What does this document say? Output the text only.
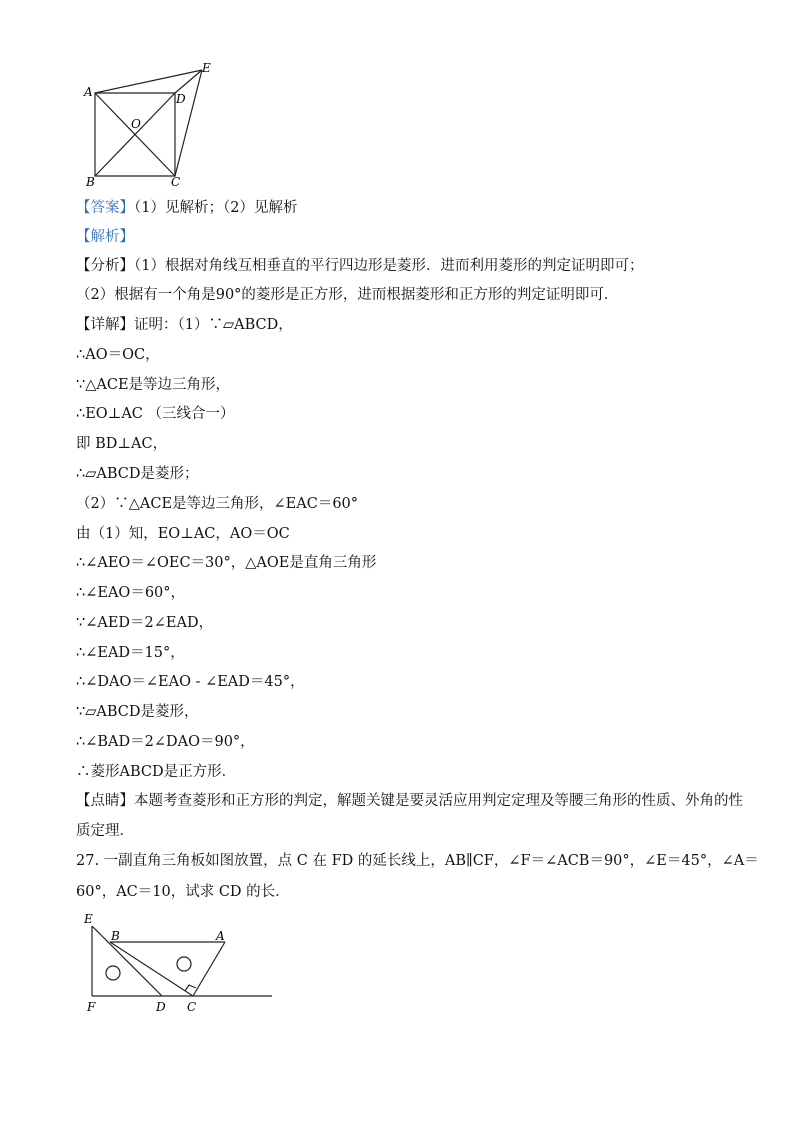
A
B	C
D
E
O
【答案】（1）见解析；（2）见解析
【解析】
【分析】（1）根据对角线互相垂直的平行四边形是菱形．进而利用菱形的判定证明即可；
（2）根据有一个角是90°的菱形是正方形，进而根据菱形和正方形的判定证明即可．
【详解】证明：（1）∵▱ABCD，
∴AO＝OC，
∵△ACE是等边三角形，
∴EO⊥AC （三线合一）
即 BD⊥AC，
∴▱ABCD是菱形；
（2）∵△ACE是等边三角形，∠EAC＝60°
由（1）知，EO⊥AC，AO＝OC
∴∠AEO＝∠OEC＝30°，△AOE是直角三角形
∴∠EAO＝60°，
∵∠AED＝2∠EAD，
∴∠EAD＝15°，
∴∠DAO＝∠EAO - ∠EAD＝45°，
∵▱ABCD是菱形，
∴∠BAD＝2∠DAO＝90°，
∴菱形ABCD是正方形．
【点睛】本题考查菱形和正方形的判定，解题关键是要灵活应用判定定理及等腰三角形的性质、外角的性
质定理．
27. 一副直角三角板如图放置，点 C 在 FD 的延长线上，AB∥CF，∠F＝∠ACB＝90°，∠E＝45°，∠A＝
60°，AC＝10，试求 CD 的长．
E
B	A
F	D C
